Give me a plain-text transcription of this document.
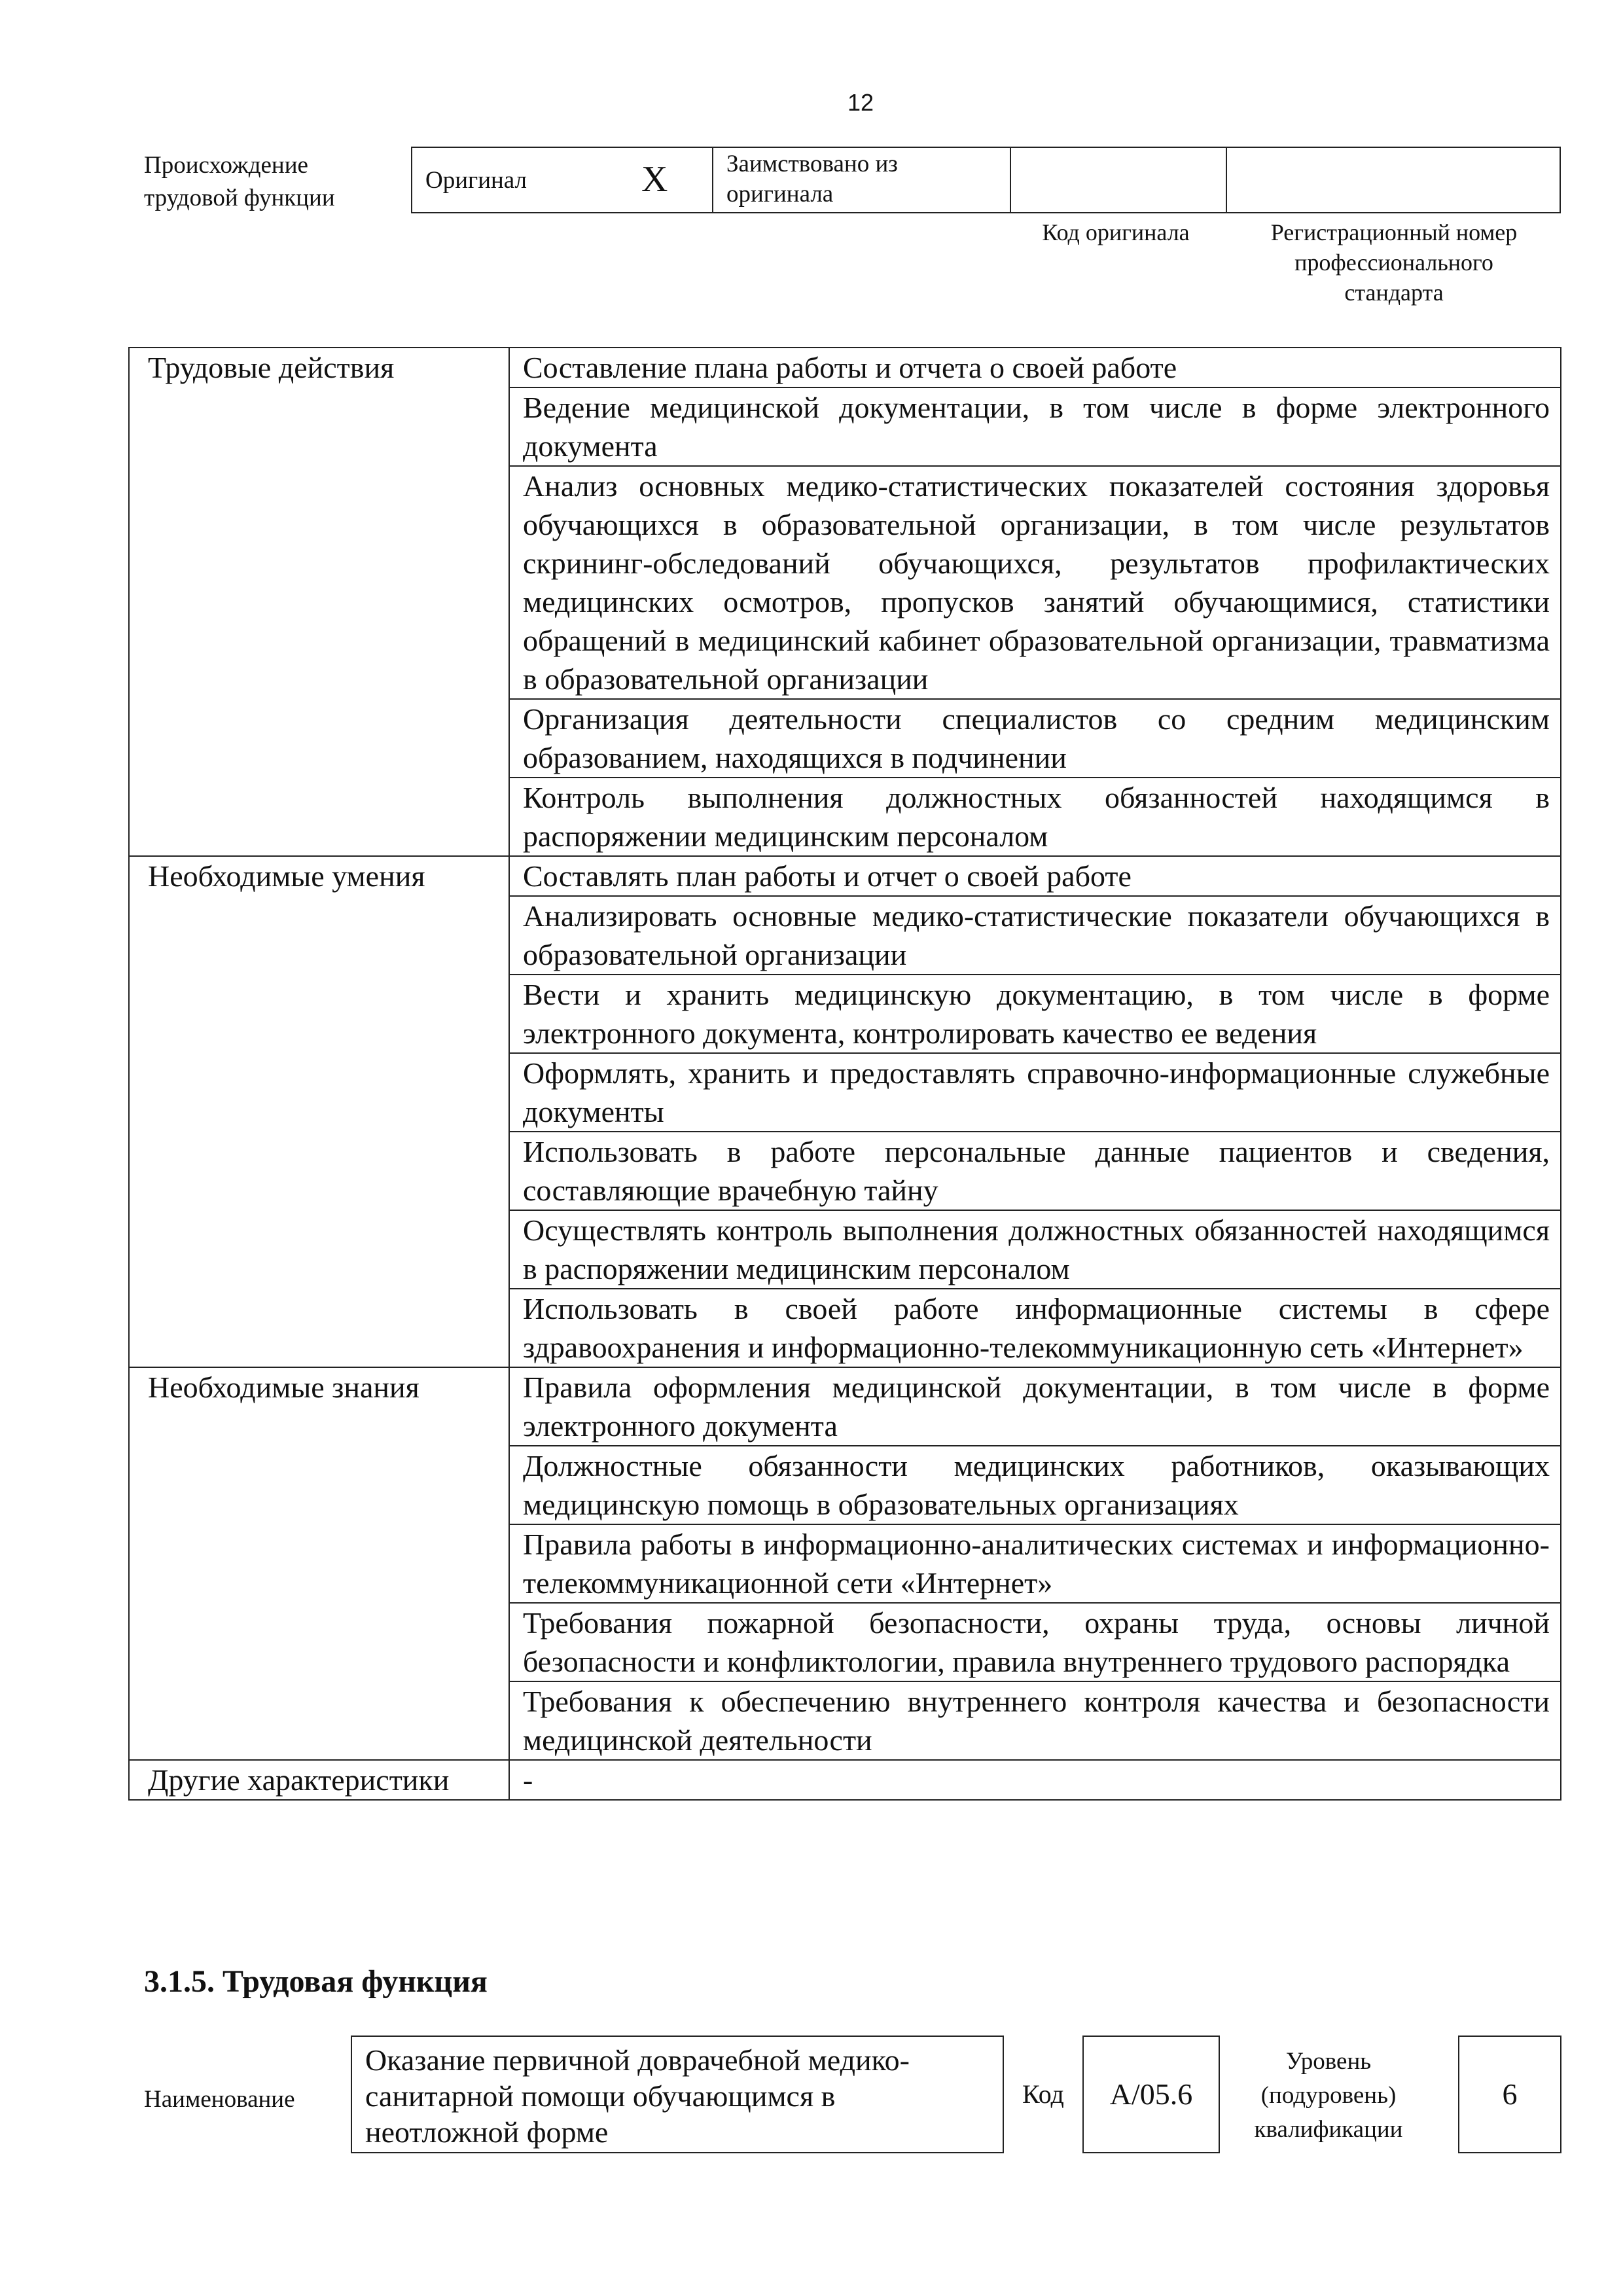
12
Происхождение
трудовой функции
Оригинал	Х Заимствовано из
оригинала
Код оригинала	Регистрационный номер
профессионального
стандарта
Трудовые действия	Составление плана работы и отчета о своей работе
	Ведение медицинской документации, в том числе в форме электронного документа
	Анализ основных медико-статистических показателей состояния здоровья обучающихся в образовательной организации, в том числе результатов скрининг-обследований обучающихся, результатов профилактических медицинских осмотров, пропусков занятий обучающимися, статистики обращений в медицинский кабинет образовательной организации, травматизма в образовательной организации
	Организация деятельности специалистов со средним медицинским образованием, находящихся в подчинении
	Контроль выполнения должностных обязанностей находящимся в распоряжении медицинским персоналом
Необходимые умения	Составлять план работы и отчет о своей работе
	Анализировать основные медико-статистические показатели обучающихся в образовательной организации
	Вести и хранить медицинскую документацию, в том числе в форме электронного документа, контролировать качество ее ведения
	Оформлять, хранить и предоставлять справочно-информационные служебные документы
	Использовать в работе персональные данные пациентов и сведения, составляющие врачебную тайну
	Осуществлять контроль выполнения должностных обязанностей находящимся в распоряжении медицинским персоналом
	Использовать в своей работе информационные системы в сфере здравоохранения и информационно-телекоммуникационную сеть «Интернет»
Необходимые знания	Правила оформления медицинской документации, в том числе в форме электронного документа
	Должностные обязанности медицинских работников, оказывающих медицинскую помощь в образовательных организациях
	Правила работы в информационно-аналитических системах и информационно-телекоммуникационной сети «Интернет»
	Требования пожарной безопасности, охраны труда, основы личной безопасности и конфликтологии, правила внутреннего трудового распорядка
	Требования к обеспечению внутреннего контроля качества и безопасности медицинской деятельности
Другие характеристики	-
3.1.5. Трудовая функция
Наименование
Оказание первичной доврачебной медико-санитарной помощи обучающимся в неотложной форме
Код	A/05.6
Уровень
(подуровень)
квалификации
6
